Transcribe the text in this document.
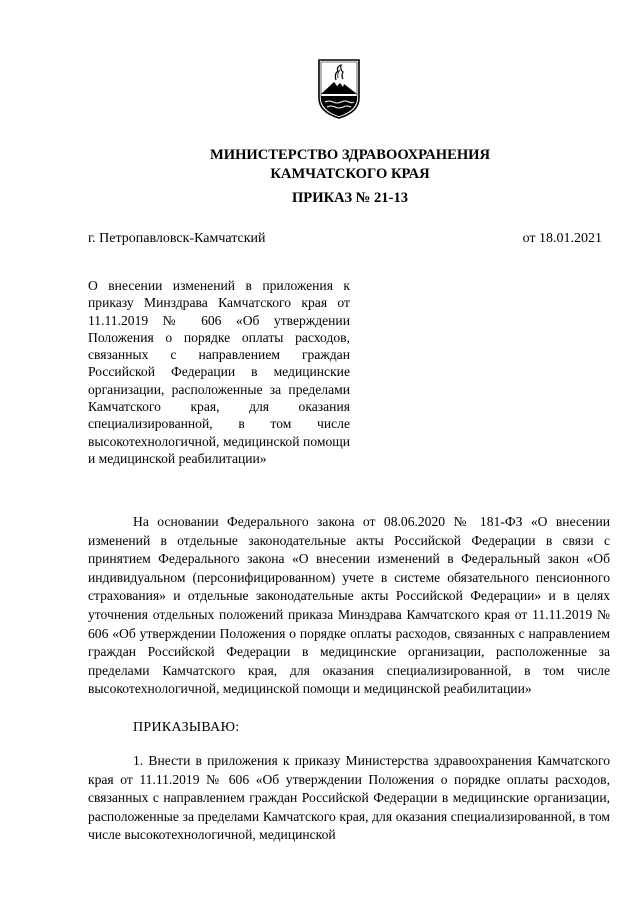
МИНИСТЕРСТВО ЗДРАВООХРАНЕНИЯ
КАМЧАТСКОГО КРАЯ
ПРИКАЗ № 21-13
г. Петропавловск-Камчатский	от 18.01.2021
О внесении изменений в приложения к приказу Минздрава Камчатского края от 11.11.2019 № 606 «Об утверждении Положения о порядке оплаты расходов, связанных с направлением граждан Российской Федерации в медицинские организации, расположенные за пределами Камчатского края, для оказания специализированной, в том числе высокотехнологичной, медицинской помощи и медицинской реабилитации»
На основании Федерального закона от 08.06.2020 № 181-ФЗ «О внесении изменений в отдельные законодательные акты Российской Федерации в связи с принятием Федерального закона «О внесении изменений в Федеральный закон «Об индивидуальном (персонифицированном) учете в системе обязательного пенсионного страхования» и отдельные законодательные акты Российской Федерации» и в целях уточнения отдельных положений приказа Минздрава Камчатского края от 11.11.2019 № 606 «Об утверждении Положения о порядке оплаты расходов, связанных с направлением граждан Российской Федерации в медицинские организации, расположенные за пределами Камчатского края, для оказания специализированной, в том числе высокотехнологичной, медицинской помощи и медицинской реабилитации»
ПРИКАЗЫВАЮ:
1. Внести в приложения к приказу Министерства здравоохранения Камчатского края от 11.11.2019 № 606 «Об утверждении Положения о порядке оплаты расходов, связанных с направлением граждан Российской Федерации в медицинские организации, расположенные за пределами Камчатского края, для оказания специализированной, в том числе высокотехнологичной, медицинской
